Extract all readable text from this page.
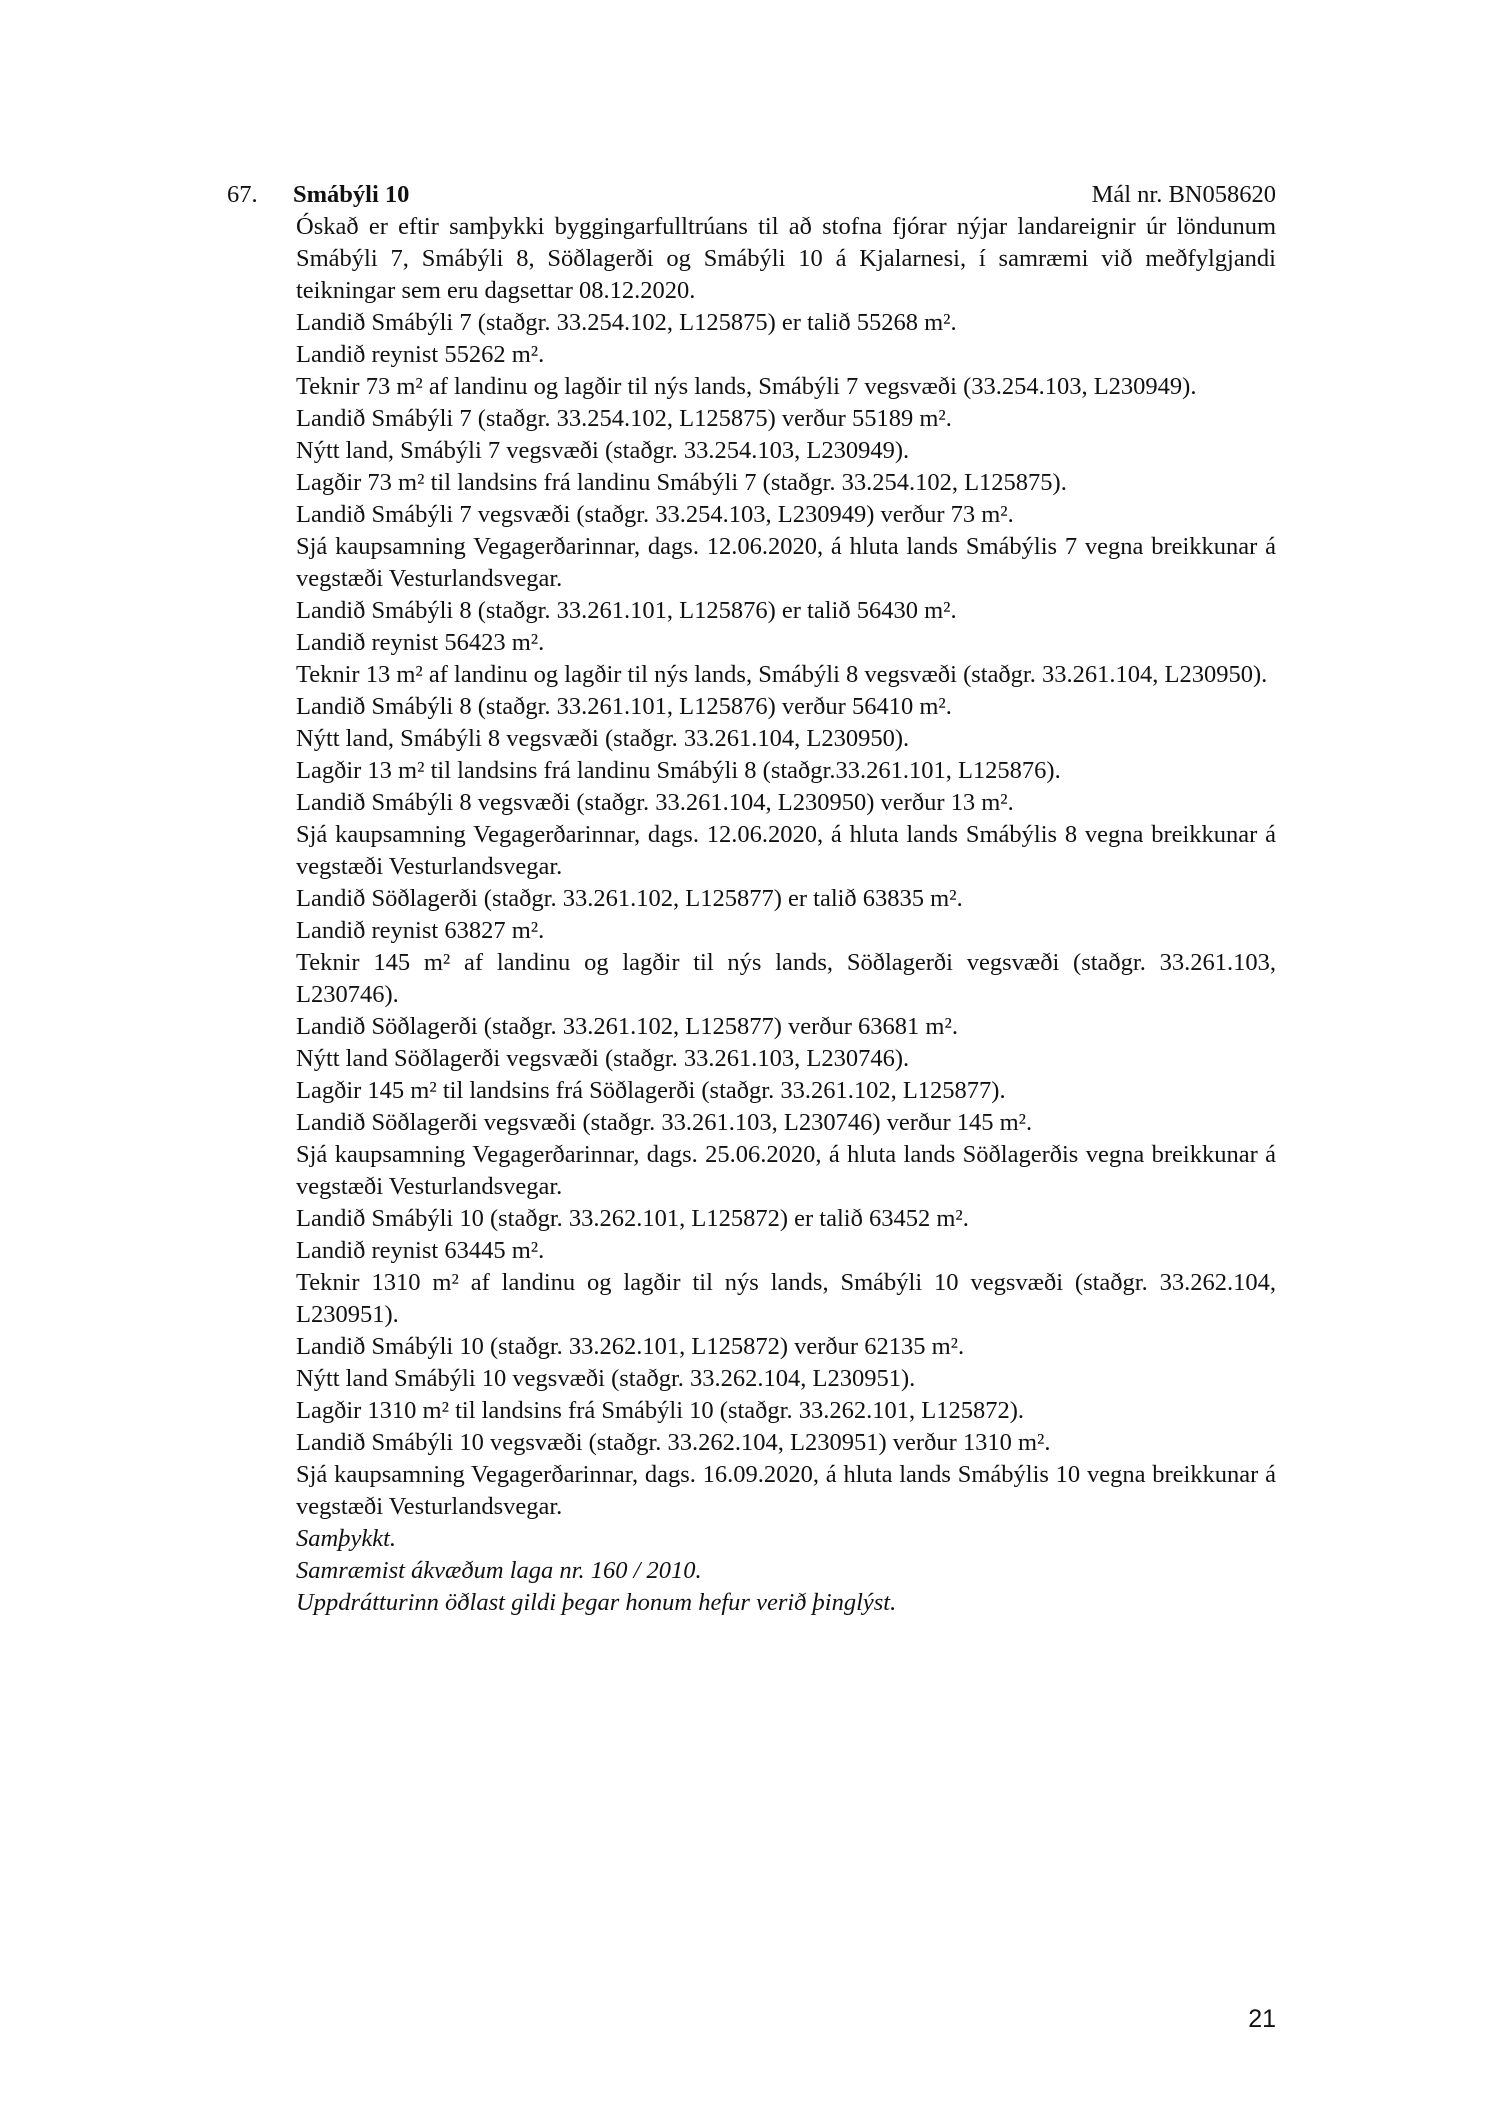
67. Smábýli 10	Mál nr. BN058620

Óskað er eftir samþykki byggingarfulltrúans til að stofna fjórar nýjar landareignir úr löndunum Smábýli 7, Smábýli 8, Söðlagerði og Smábýli 10 á Kjalarnesi, í samræmi við meðfylgjandi teikningar sem eru dagsettar 08.12.2020.

Landið Smábýli 7 (staðgr. 33.254.102, L125875) er talið 55268 m².

Landið reynist 55262 m².

Teknir 73 m² af landinu og lagðir til nýs lands, Smábýli 7 vegsvæði (33.254.103, L230949).

Landið Smábýli 7 (staðgr. 33.254.102, L125875) verður 55189 m².

Nýtt land, Smábýli 7 vegsvæði (staðgr. 33.254.103, L230949).

Lagðir 73 m² til landsins frá landinu Smábýli 7 (staðgr. 33.254.102, L125875).

Landið Smábýli 7 vegsvæði (staðgr. 33.254.103, L230949) verður 73 m².

Sjá kaupsamning Vegagerðarinnar, dags. 12.06.2020, á hluta lands Smábýlis 7 vegna breikkunar á vegstæði Vesturlandsvegar.

Landið Smábýli 8 (staðgr. 33.261.101, L125876) er talið 56430 m².

Landið reynist 56423 m².

Teknir 13 m² af landinu og lagðir til nýs lands, Smábýli 8 vegsvæði (staðgr. 33.261.104, L230950).

Landið Smábýli 8 (staðgr. 33.261.101, L125876) verður 56410 m².

Nýtt land, Smábýli 8 vegsvæði (staðgr. 33.261.104, L230950).

Lagðir 13 m² til landsins frá landinu Smábýli 8 (staðgr.33.261.101, L125876).

Landið Smábýli 8 vegsvæði (staðgr. 33.261.104, L230950) verður 13 m².

Sjá kaupsamning Vegagerðarinnar, dags. 12.06.2020, á hluta lands Smábýlis 8 vegna breikkunar á vegstæði Vesturlandsvegar.

Landið Söðlagerði (staðgr. 33.261.102, L125877) er talið 63835 m².

Landið reynist 63827 m².

Teknir 145 m² af landinu og lagðir til nýs lands, Söðlagerði vegsvæði (staðgr. 33.261.103, L230746).

Landið Söðlagerði (staðgr. 33.261.102, L125877) verður 63681 m².

Nýtt land Söðlagerði vegsvæði (staðgr. 33.261.103, L230746).

Lagðir 145 m² til landsins frá Söðlagerði (staðgr. 33.261.102, L125877).

Landið Söðlagerði vegsvæði (staðgr. 33.261.103, L230746) verður 145 m².

Sjá kaupsamning Vegagerðarinnar, dags. 25.06.2020, á hluta lands Söðlagerðis vegna breikkunar á vegstæði Vesturlandsvegar.

Landið Smábýli 10 (staðgr. 33.262.101, L125872) er talið 63452 m².

Landið reynist 63445 m².

Teknir 1310 m² af landinu og lagðir til nýs lands, Smábýli 10 vegsvæði (staðgr. 33.262.104, L230951).

Landið Smábýli 10 (staðgr. 33.262.101, L125872) verður 62135 m².

Nýtt land Smábýli 10 vegsvæði (staðgr. 33.262.104, L230951).

Lagðir 1310 m² til landsins frá Smábýli 10 (staðgr. 33.262.101, L125872).

Landið Smábýli 10 vegsvæði (staðgr. 33.262.104, L230951) verður 1310 m².

Sjá kaupsamning Vegagerðarinnar, dags. 16.09.2020, á hluta lands Smábýlis 10 vegna breikkunar á vegstæði Vesturlandsvegar.

Samþykkt.

Samræmist ákvæðum laga nr. 160 / 2010.

Uppdrátturinn öðlast gildi þegar honum hefur verið þinglýst.

21
